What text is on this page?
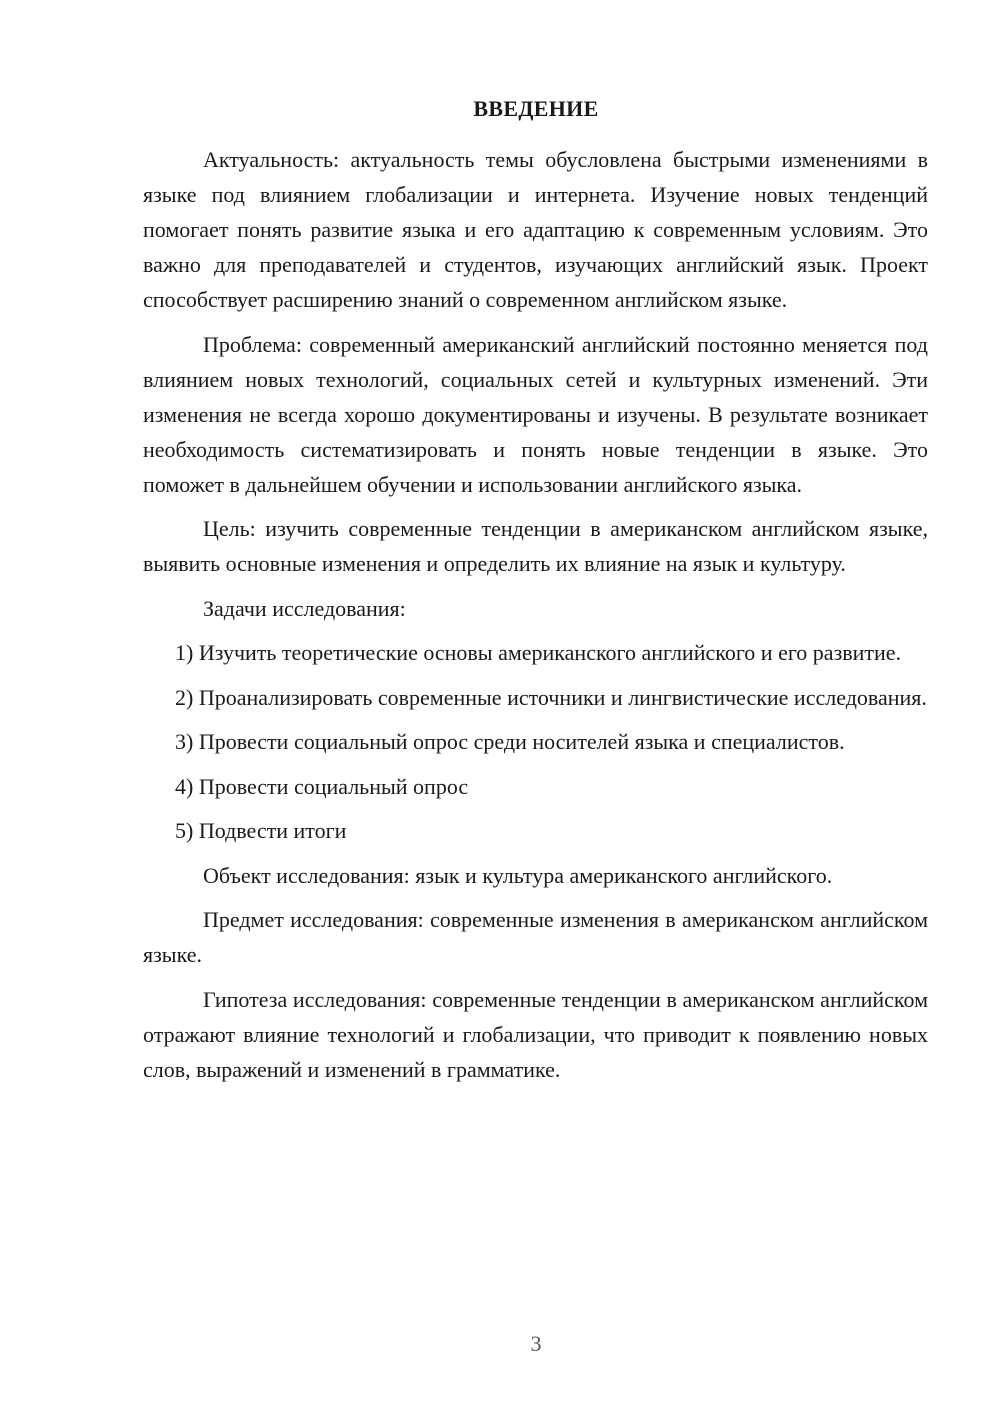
ВВЕДЕНИЕ

Актуальность: актуальность темы обусловлена быстрыми изменениями в языке под влиянием глобализации и интернета. Изучение новых тенденций помогает понять развитие языка и его адаптацию к современным условиям. Это важно для преподавателей и студентов, изучающих английский язык. Проект способствует расширению знаний о современном английском языке.

Проблема: современный американский английский постоянно меняется под влиянием новых технологий, социальных сетей и культурных изменений. Эти изменения не всегда хорошо документированы и изучены. В результате возникает необходимость систематизировать и понять новые тенденции в языке. Это поможет в дальнейшем обучении и использовании английского языка.

Цель: изучить современные тенденции в американском английском языке, выявить основные изменения и определить их влияние на язык и культуру.

Задачи исследования:

1) Изучить теоретические основы американского английского и его развитие.

2) Проанализировать современные источники и лингвистические исследования.

3) Провести социальный опрос среди носителей языка и специалистов.

4) Провести социальный опрос

5) Подвести итоги

Объект исследования: язык и культура американского английского.

Предмет исследования: современные изменения в американском английском языке.

Гипотеза исследования: современные тенденции в американском английском отражают влияние технологий и глобализации, что приводит к появлению новых слов, выражений и изменений в грамматике.

3
